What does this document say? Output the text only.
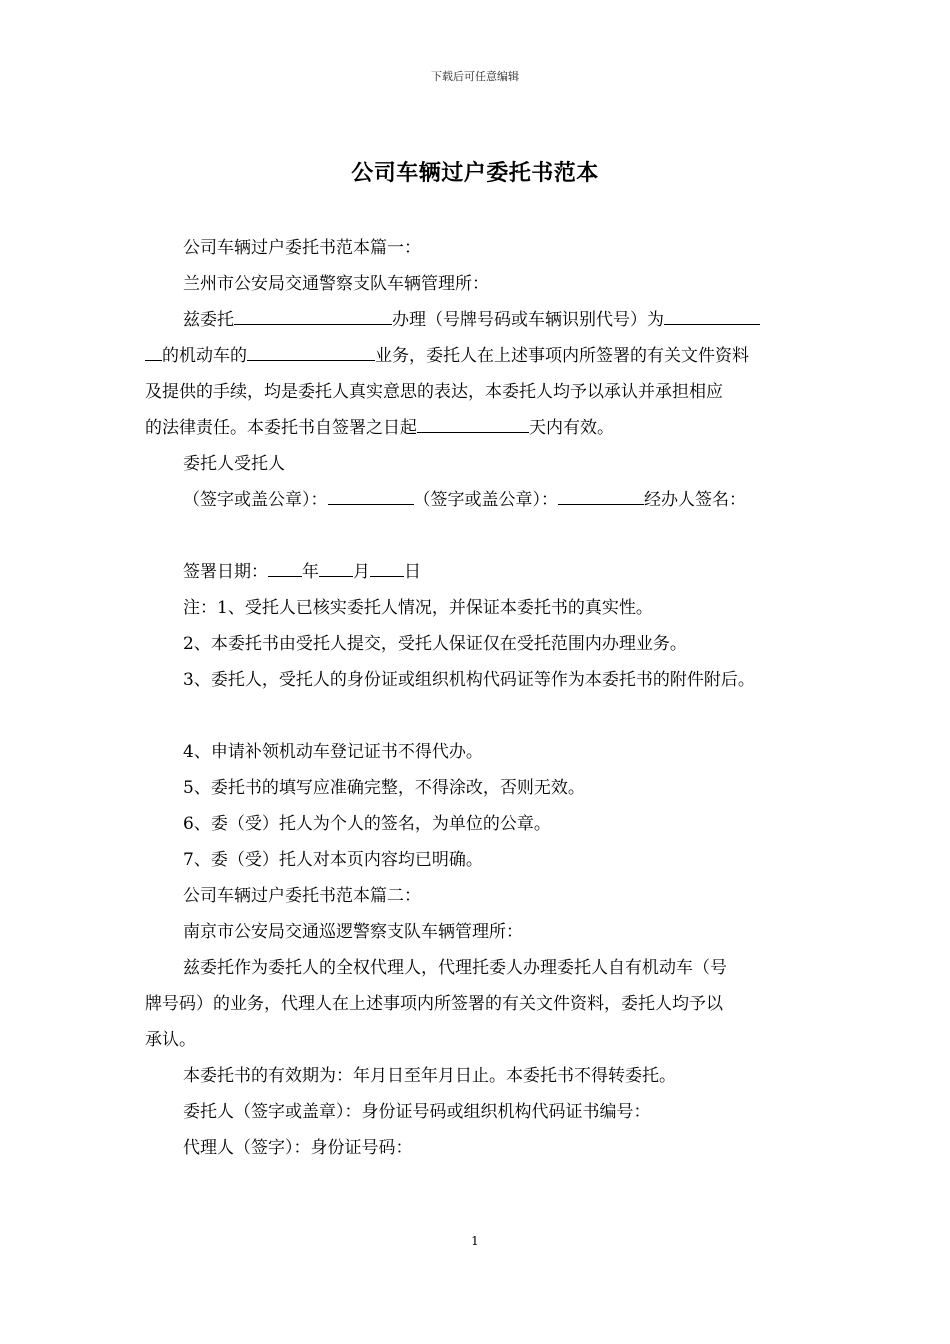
下载后可任意编辑
公司车辆过户委托书范本

公司车辆过户委托书范本篇一：

兰州市公安局交通警察支队车辆管理所：

兹委托	办理（号牌号码或车辆识别代号）为

的机动车的	业务，委托人在上述事项内所签署的有关文件资料

及提供的手续，均是委托人真实意思的表达，本委托人均予以承认并承担相应

的法律责任。本委托书自签署之日起	天内有效。

委托人受托人

（签字或盖公章）：	（签字或盖公章）：	经办人签名：

签署日期： 年 月 日

注：1、受托人已核实委托人情况，并保证本委托书的真实性。

2、本委托书由受托人提交，受托人保证仅在受托范围内办理业务。

3、委托人，受托人的身份证或组织机构代码证等作为本委托书的附件附后。

4、申请补领机动车登记证书不得代办。

5、委托书的填写应准确完整，不得涂改，否则无效。

6、委（受）托人为个人的签名，为单位的公章。

7、委（受）托人对本页内容均已明确。

公司车辆过户委托书范本篇二：

南京市公安局交通巡逻警察支队车辆管理所：

兹委托作为委托人的全权代理人，代理托委人办理委托人自有机动车（号

牌号码）的业务，代理人在上述事项内所签署的有关文件资料，委托人均予以

承认。

本委托书的有效期为：年月日至年月日止。本委托书不得转委托。

委托人（签字或盖章）：身份证号码或组织机构代码证书编号：

代理人（签字）：身份证号码：

1
